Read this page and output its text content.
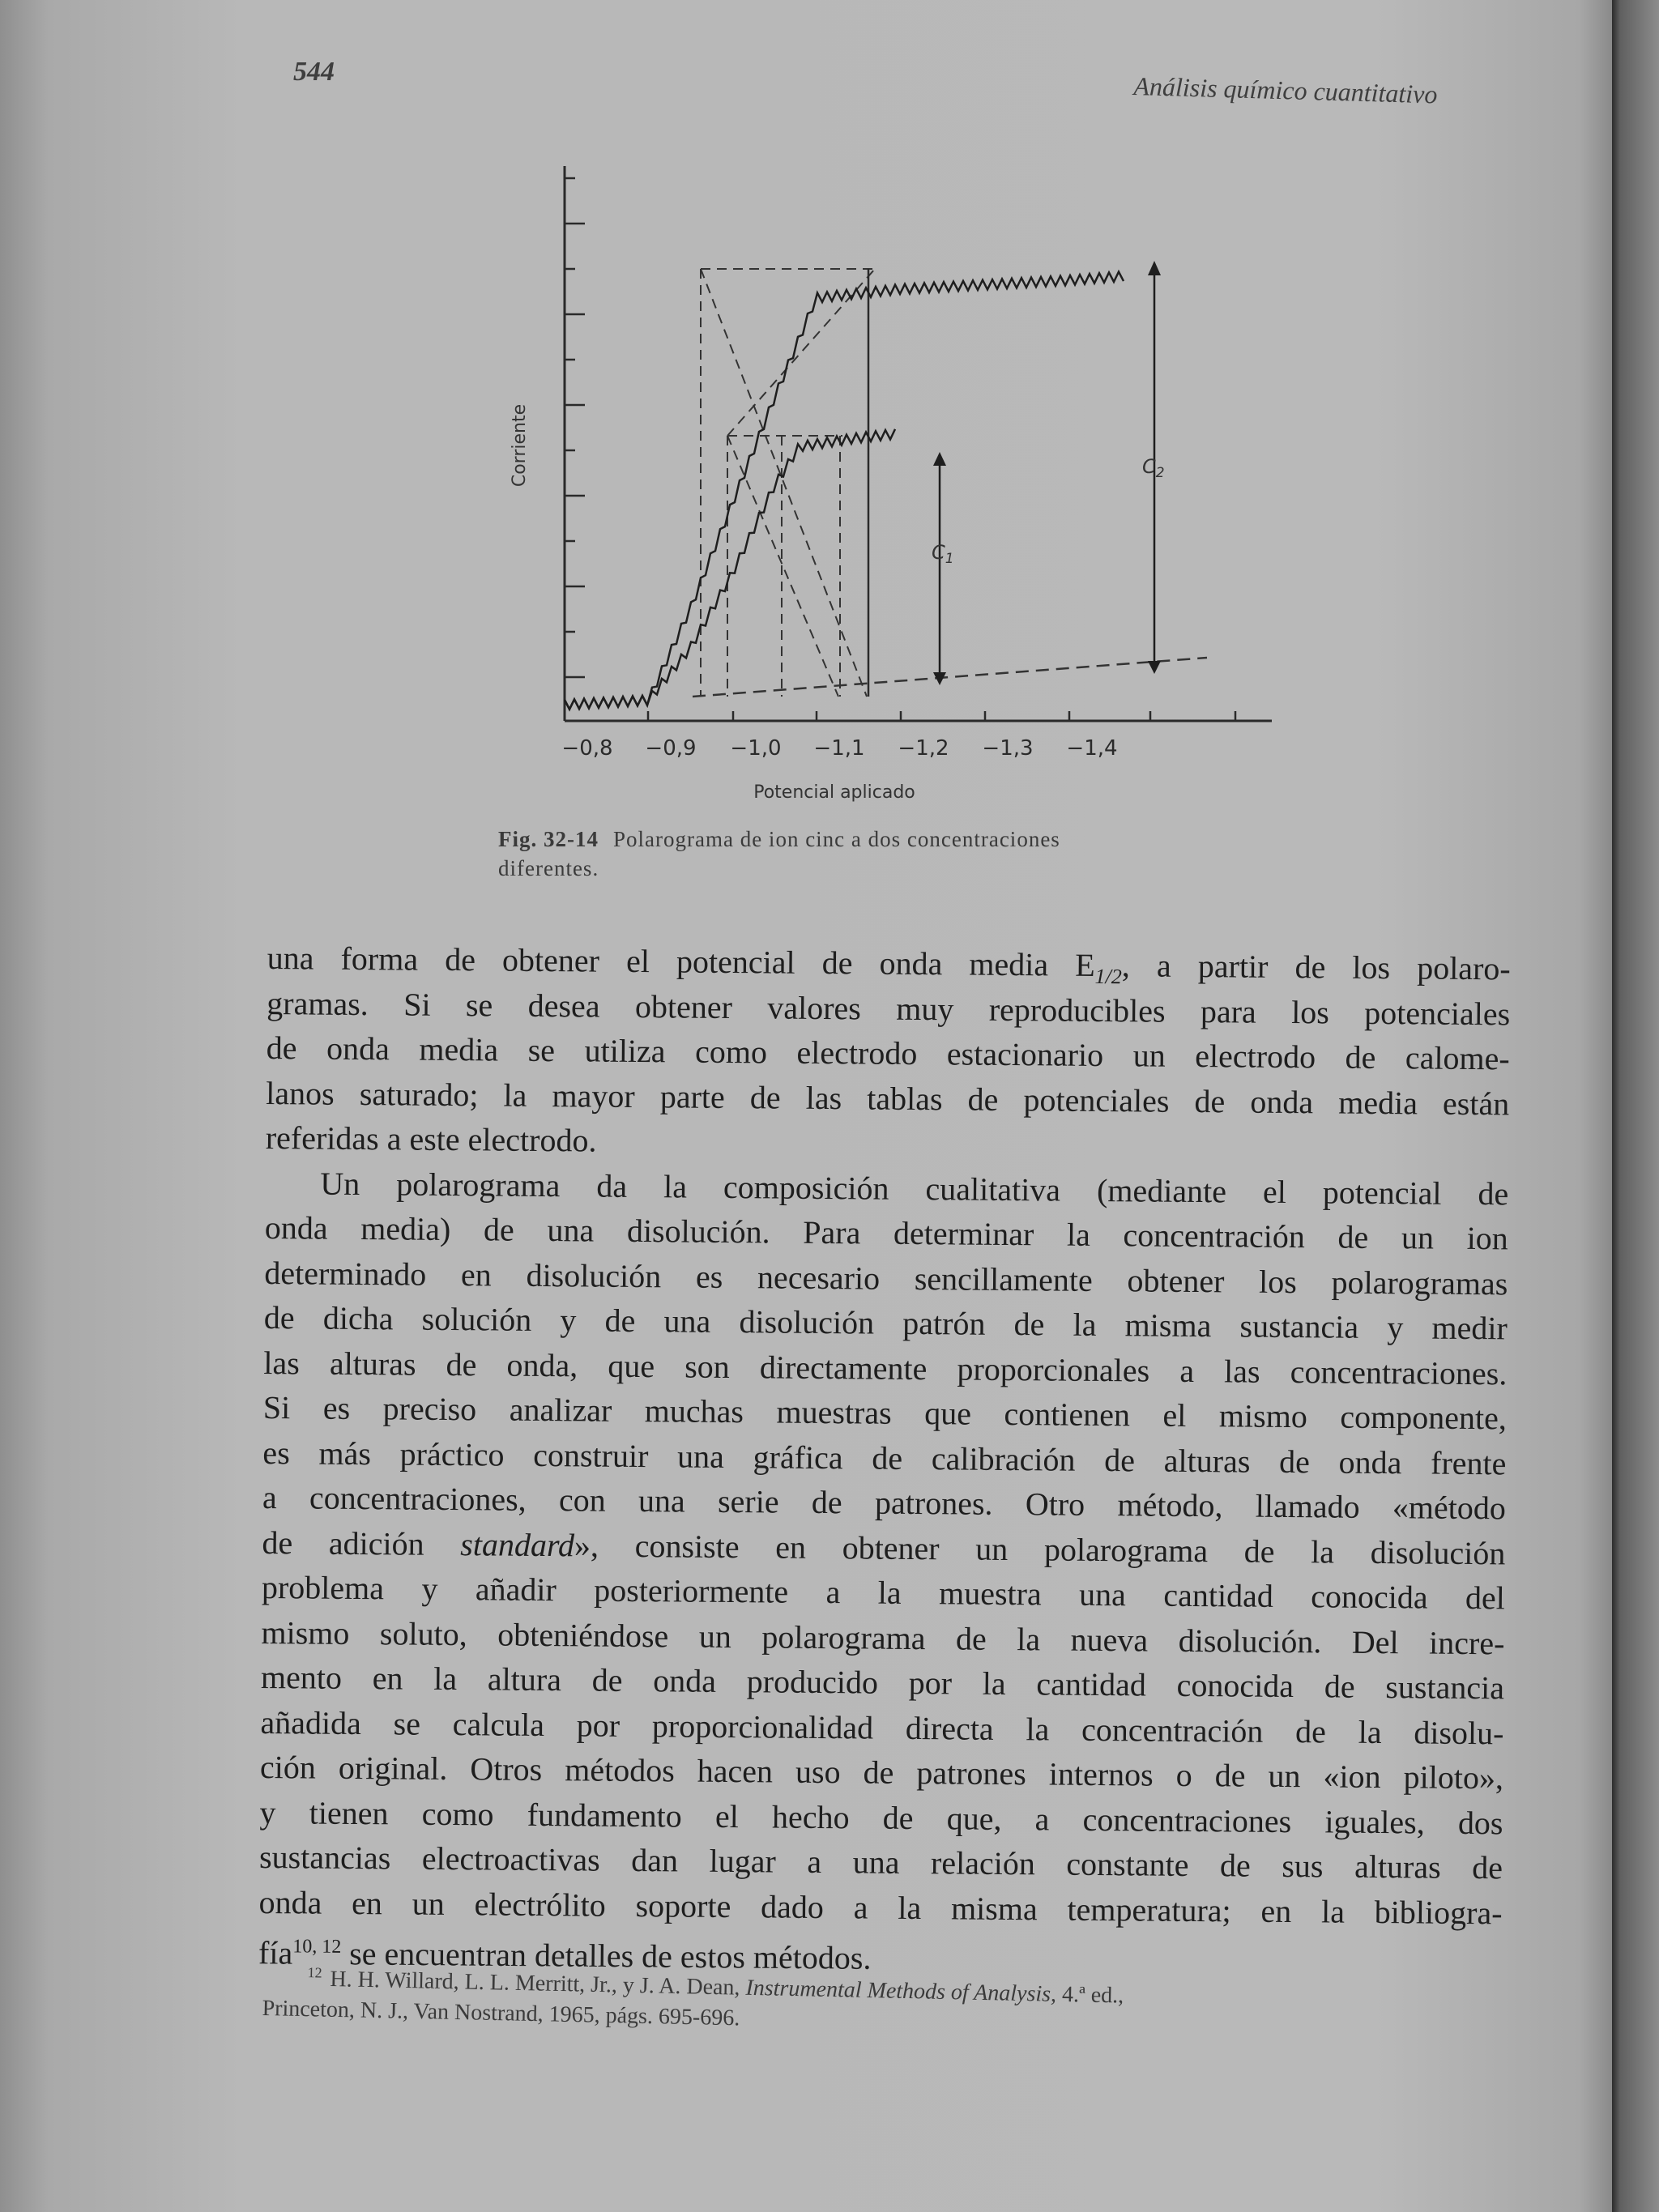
544	Análisis químico cuantitativo
−0,8 −0,9 −1,0 −1,1 −1,2 −1,3 −1,4
Corriente
$C_1$
$C_2$
Potencial aplicado
Fig. 32-14 Polarograma de ion cinc a dos concentraciones
diferentes.
una forma de obtener el potencial de onda media $E_{1/2}$, a partir de los polaro-
gramas. Si se desea obtener valores muy reproducibles para los potenciales
de onda media se utiliza como electrodo estacionario un electrodo de calome-
lanos saturado; la mayor parte de las tablas de potenciales de onda media están
referidas a este electrodo.
Un polarograma da la composición cualitativa (mediante el potencial de
onda media) de una disolución. Para determinar la concentración de un ion
determinado en disolución es necesario sencillamente obtener los polarogramas
de dicha solución y de una disolución patrón de la misma sustancia y medir
las alturas de onda, que son directamente proporcionales a las concentraciones.
Si es preciso analizar muchas muestras que contienen el mismo componente,
es más práctico construir una gráfica de calibración de alturas de onda frente
a concentraciones, con una serie de patrones. Otro método, llamado «método
de adición standard», consiste en obtener un polarograma de la disolución
problema y añadir posteriormente a la muestra una cantidad conocida del
mismo soluto, obteniéndose un polarograma de la nueva disolución. Del incre-
mento en la altura de onda producido por la cantidad conocida de sustancia
añadida se calcula por proporcionalidad directa la concentración de la disolu-
ción original. Otros métodos hacen uso de patrones internos o de un «ion piloto»,
y tienen como fundamento el hecho de que, a concentraciones iguales, dos
sustancias electroactivas dan lugar a una relación constante de sus alturas de
onda en un electrólito soporte dado a la misma temperatura; en la bibliogra-
fía$^{10, 12}$ se encuentran detalles de estos métodos.
$^{12}$ H. H. Willard, L. L. Merritt, Jr., y J. A. Dean, Instrumental Methods of Analysis, 4.ª ed.,
Princeton, N. J., Van Nostrand, 1965, págs. 695-696.
